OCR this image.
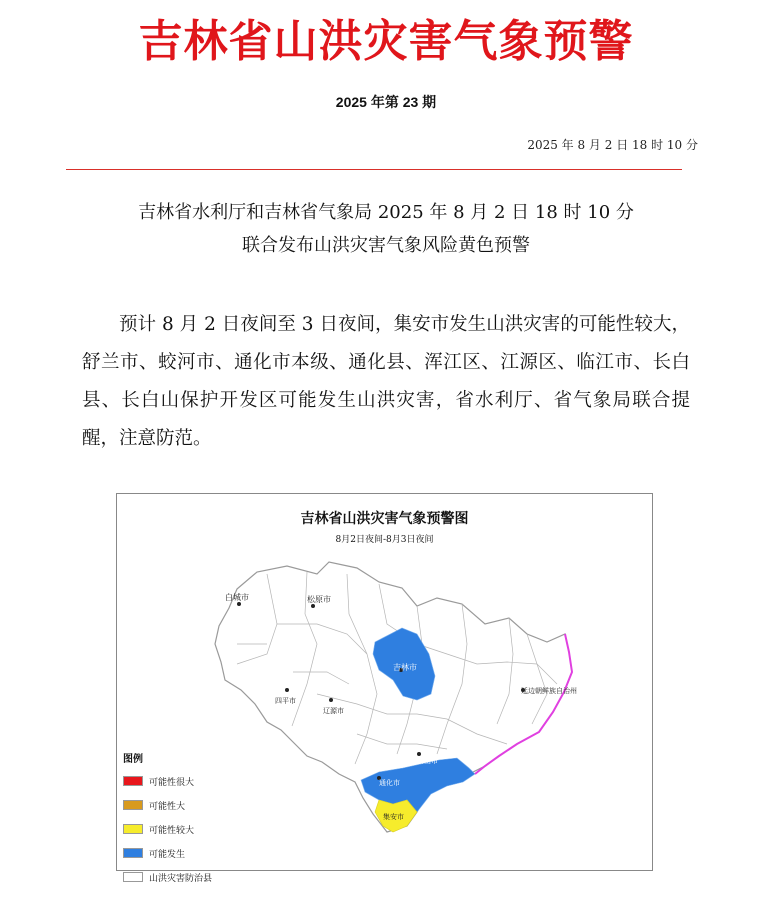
吉林省山洪灾害气象预警
2025 年第 23 期
2025 年 8 月 2 日 18 时 10 分
吉林省水利厅和吉林省气象局 2025 年 8 月 2 日 18 时 10 分
联合发布山洪灾害气象风险黄色预警
预计 8 月 2 日夜间至 3 日夜间，集安市发生山洪灾害的可能性较大，舒兰市、蛟河市、通化市本级、通化县、浑江区、江源区、临江市、长白县、长白山保护开发区可能发生山洪灾害，省水利厅、省气象局联合提醒，注意防范。
吉林省山洪灾害气象预警图
8月2日夜间-8月3日夜间
白城市	松原市
吉林市
延边朝鲜族自治州
四平市
辽源市
通化市
白山市
集安市
图例
可能性很大
可能性大
可能性较大
可能发生
山洪灾害防治县
